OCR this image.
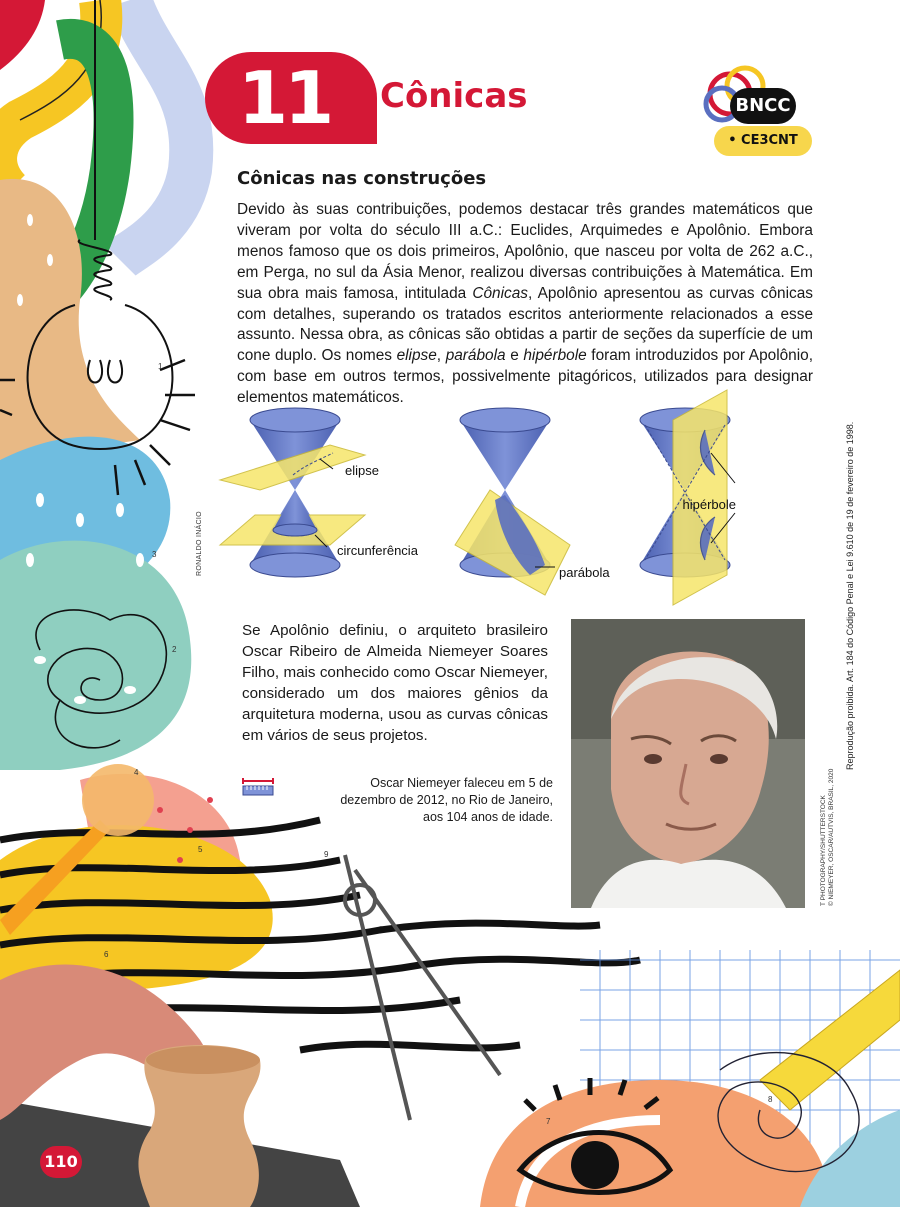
1
2
3
4
5
6
7
8
9
11 Cônicas	BNCC
• CE3CNT
Cônicas nas construções

Devido às suas contribuições, podemos destacar três grandes matemáticos que viveram por volta do século III a.C.: Euclides, Arquimedes e Apolônio. Embora menos famoso que os dois primeiros, Apolônio, que nasceu por volta de 262 a.C., em Perga, no sul da Ásia Menor, realizou diversas contribuições à Matemática. Em sua obra mais famosa, intitulada Cônicas, Apolônio apresentou as curvas cônicas com detalhes, superando os tratados escritos anteriormente relacionados a esse assunto. Nessa obra, as cônicas são obtidas a partir de seções da superfície de um cone duplo. Os nomes elipse, parábola e hipérbole foram introduzidos por Apolônio, com base em outros termos, possivelmente pitagóricos, utilizados para designar elementos matemáticos.

elipse
circunferência
parábola
hipérbole
RONALDO INÁCIO
Se Apolônio definiu, o arquiteto brasileiro Oscar Ribeiro de Almeida Niemeyer Soares Filho, mais conhecido como Oscar Niemeyer, considerado um dos maiores gênios da arquitetura moderna, usou as curvas cônicas em vários de seus projetos.
Oscar Niemeyer faleceu em 5 de dezembro de 2012, no Rio de Janeiro, aos 104 anos de idade.	T PHOTOGRAPHY/SHUTTERSTOCK © NIEMEYER, OSCAR/AUTVIS, BRASIL, 2020
Reprodução proibida. Art. 184 do Código Penal e Lei 9.610 de 19 de fevereiro de 1998.
110
